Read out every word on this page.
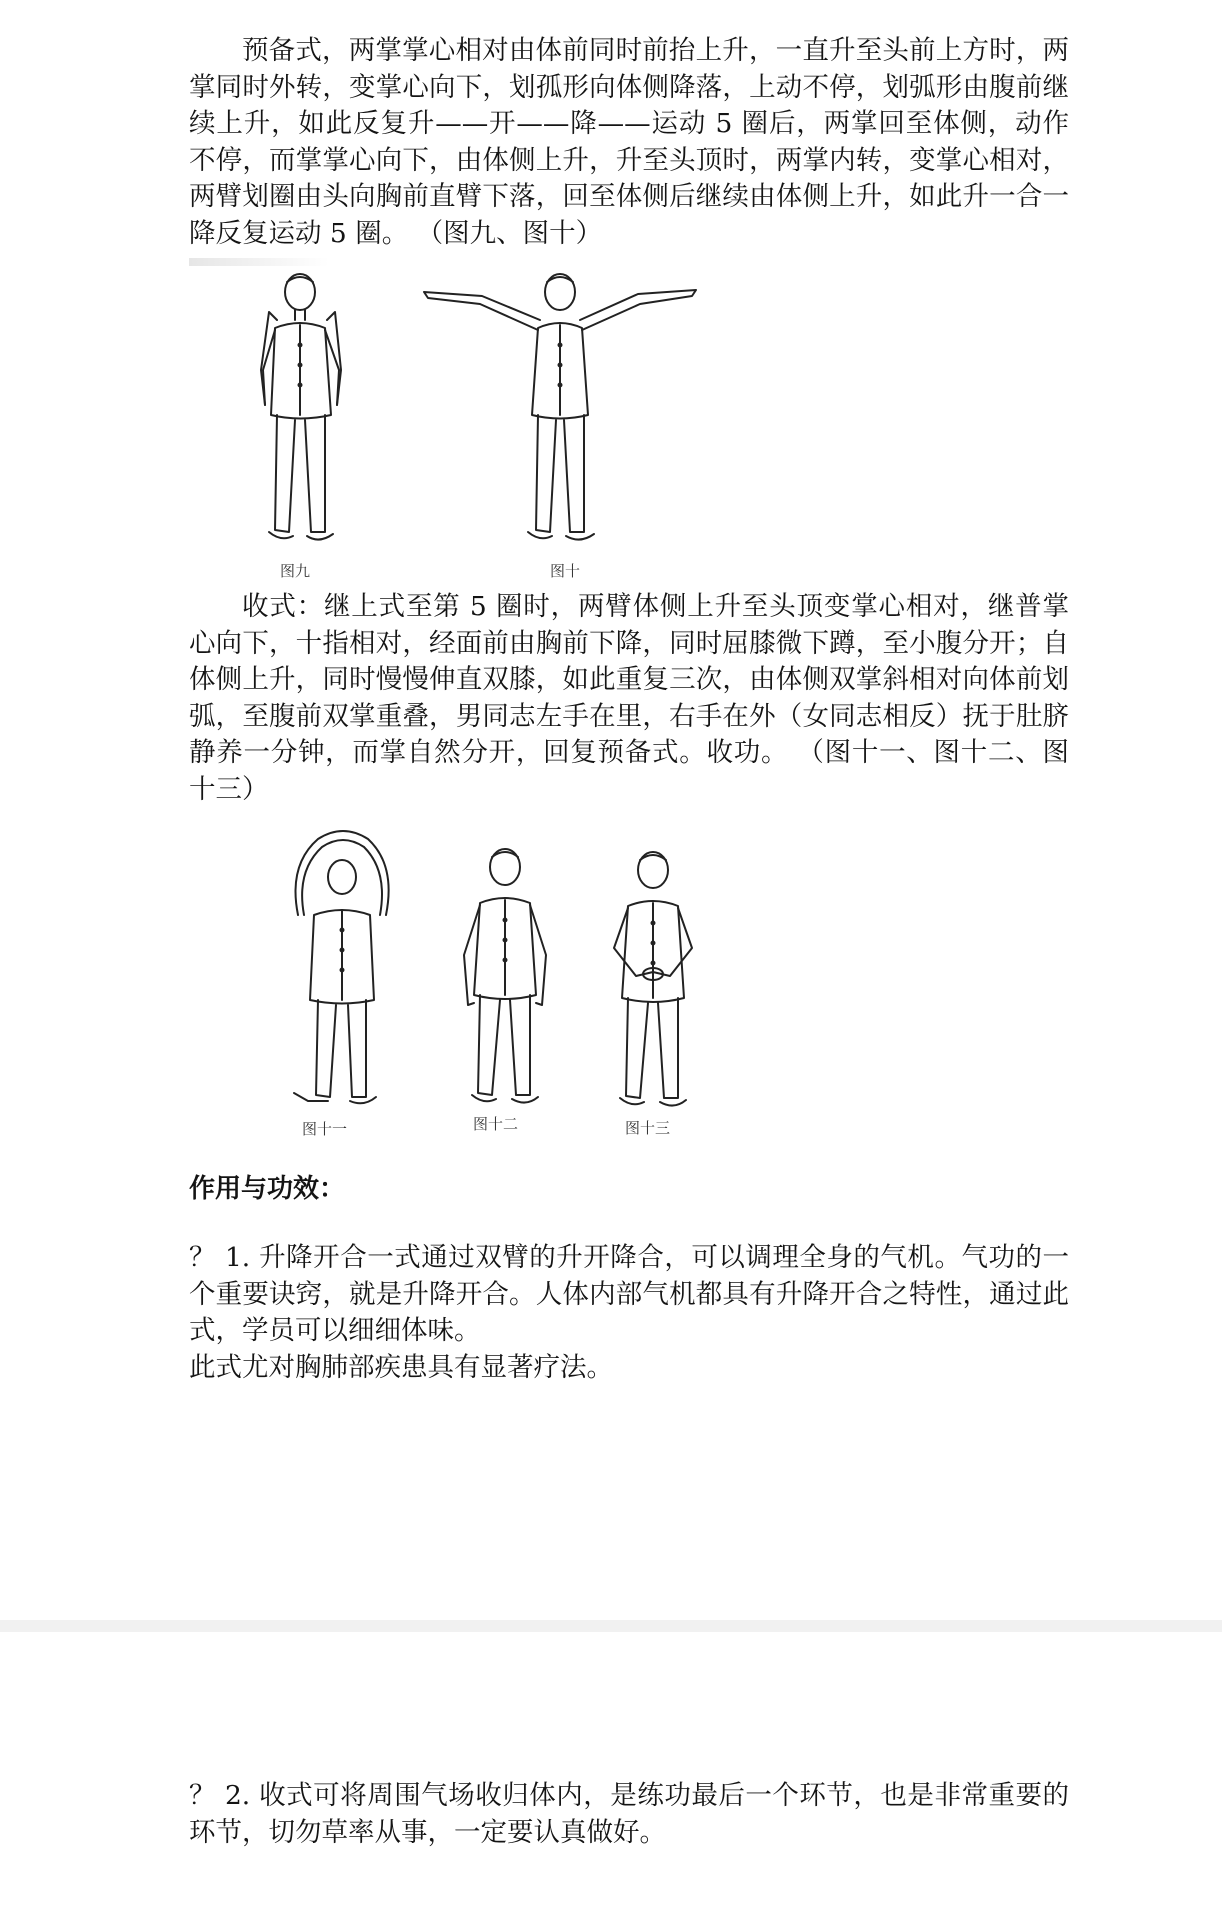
预备式，两掌掌心相对由体前同时前抬上升，一直升至头前上方时，两掌同时外转，变掌心向下，划孤形向体侧降落，上动不停，划弧形由腹前继续上升，如此反复升——开——降——运动 5 圈后，两掌回至体侧，动作不停，而掌掌心向下，由体侧上升，升至头顶时，两掌内转，变掌心相对，两臂划圈由头向胸前直臂下落，回至体侧后继续由体侧上升，如此升一合一降反复运动 5 圈。 （图九、图十）
图九	图十
收式：继上式至第 5 圈时，两臂体侧上升至头顶变掌心相对，继普掌心向下，十指相对，经面前由胸前下降，同时屈膝微下蹲，至小腹分开；自体侧上升，同时慢慢伸直双膝，如此重复三次，由体侧双掌斜相对向体前划弧，至腹前双掌重叠，男同志左手在里，右手在外（女同志相反）抚于肚脐静养一分钟，而掌自然分开，回复预备式。收功。 （图十一、图十二、图十三）
图十一	图十二	图十三
作用与功效：
？ 1. 升降开合一式通过双臂的升开降合，可以调理全身的气机。气功的一个重要诀窍，就是升降开合。人体内部气机都具有升降开合之特性，通过此式，学员可以细细体味。
此式尤对胸肺部疾患具有显著疗法。
？ 2. 收式可将周围气场收归体内，是练功最后一个环节，也是非常重要的环节，切勿草率从事，一定要认真做好。
